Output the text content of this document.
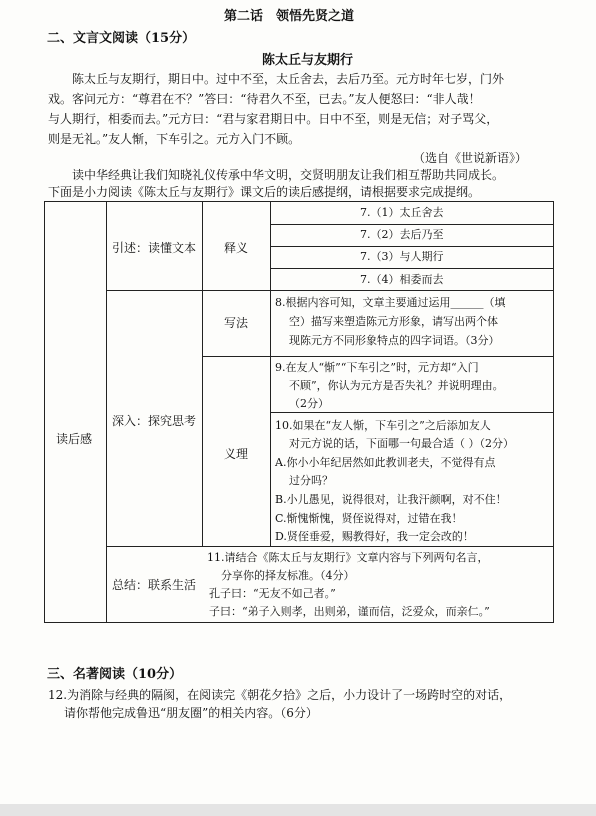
第二话　领悟先贤之道
二、文言文阅读（15分）
陈太丘与友期行
陈太丘与友期行，期日中。过中不至，太丘舍去，去后乃至。元方时年七岁，门外
戏。客问元方：“尊君在不？”答曰：“待君久不至，已去。”友人便怒曰：“非人哉！
与人期行，相委而去。”元方曰：“君与家君期日中。日中不至，则是无信；对子骂父，
则是无礼。”友人惭，下车引之。元方入门不顾。
（选自《世说新语》）
读中华经典让我们知晓礼仪传承中华文明，交贤明朋友让我们相互帮助共同成长。
下面是小力阅读《陈太丘与友期行》课文后的读后感提纲，请根据要求完成提纲。
读后感
引述：读懂文本
深入：探究思考
总结：联系生活
释义
写法
义理
7.（1）太丘舍去
7.（2）去后乃至
7.（3）与人期行
7.（4）相委而去
8.根据内容可知，文章主要通过运用______（填
空）描写来塑造陈元方形象，请写出两个体
现陈元方不同形象特点的四字词语。（3分）
9.在友人“惭”“下车引之”时，元方却“入门
不顾”，你认为元方是否失礼？并说明理由。
（2分）
10.如果在“友人惭，下车引之”之后添加友人
对元方说的话，下面哪一句最合适（ ）（2分）
A.你小小年纪居然如此教训老夫，不觉得有点
过分吗？
B.小儿愚见，说得很对，让我汗颜啊，对不住！
C.惭愧惭愧，贤侄说得对，过错在我！
D.贤侄垂爱，赐教得好，我一定会改的！
11.请结合《陈太丘与友期行》文章内容与下列两句名言，
分享你的择友标准。（4分）
孔子曰：“无友不如己者。”
子曰：“弟子入则孝，出则弟，谨而信，泛爱众，而亲仁。”
三、名著阅读（10分）
12.为消除与经典的隔阂，在阅读完《朝花夕拾》之后，小力设计了一场跨时空的对话，
请你帮他完成鲁迅“朋友圈”的相关内容。（6分）
